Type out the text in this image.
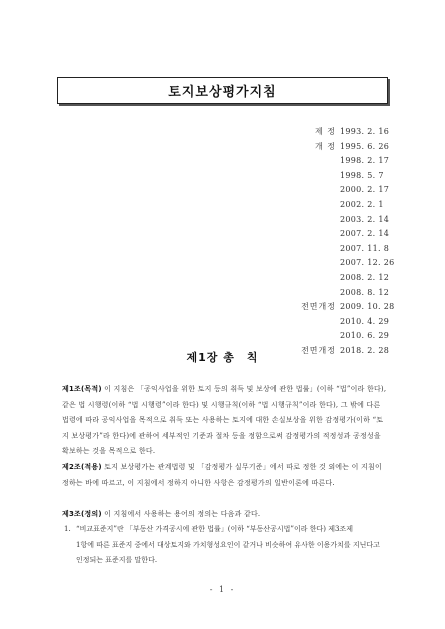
토지보상평가지침
제 정 1993. 2. 16
개 정 1995. 6. 26
1998. 2. 17
1998. 5. 7
2000. 2. 17
2002. 2. 1
2003. 2. 14
2007. 2. 14
2007. 11. 8
2007. 12. 26
2008. 2. 12
2008. 8. 12
전면개정 2009. 10. 28
2010. 4. 29
2010. 6. 29
전면개정 2018. 2. 28
제1장 총　칙
제1조(목적) 이 지침은 「공익사업을 위한 토지 등의 취득 및 보상에 관한 법률」(이하 “법”이라 한다), 같은 법 시행령(이하 “법 시행령”이라 한다) 및 시행규칙(이하 “법 시행규칙”이라 한다), 그 밖에 다른 법령에 따라 공익사업을 목적으로 취득 또는 사용하는 토지에 대한 손실보상을 위한 감정평가(이하 “토지 보상평가”라 한다)에 관하여 세부적인 기준과 절차 등을 정함으로써 감정평가의 적정성과 공정성을 확보하는 것을 목적으로 한다.
제2조(적용) 토지 보상평가는 관계법령 및 「감정평가 실무기준」에서 따로 정한 것 외에는 이 지침이 정하는 바에 따르고, 이 지침에서 정하지 아니한 사항은 감정평가의 일반이론에 따른다.
제3조(정의) 이 지침에서 사용하는 용어의 정의는 다음과 같다.
1. “비교표준지”란 「부동산 가격공시에 관한 법률」(이하 “부동산공시법”이라 한다) 제3조제
1항에 따른 표준지 중에서 대상토지와 가치형성요인이 같거나 비슷하여 유사한 이용가치를 지닌다고 인정되는 표준지를 말한다.
- 1 -
